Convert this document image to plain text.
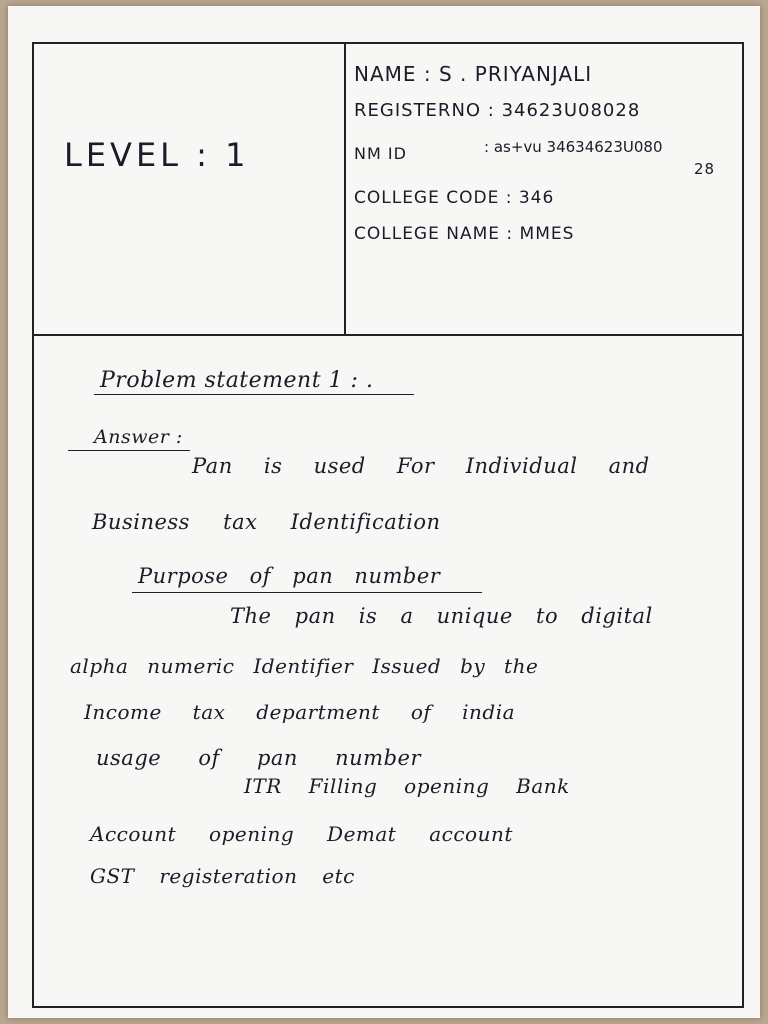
LEVEL : 1
NAME : S . PRIYANJALI
REGISTERNO : 34623U08028
NM ID	: as+vu 34634623U080
28
COLLEGE CODE : 346
COLLEGE NAME : MMES
Problem statement 1 : .
Answer :
Pan is used For Individual and
Business tax Identification
Purpose of pan number
The pan is a unique to digital
alpha numeric Identifier Issued by the
Income tax department of india
usage of pan number
ITR Filling opening Bank
Account opening Demat account
GST registeration etc
